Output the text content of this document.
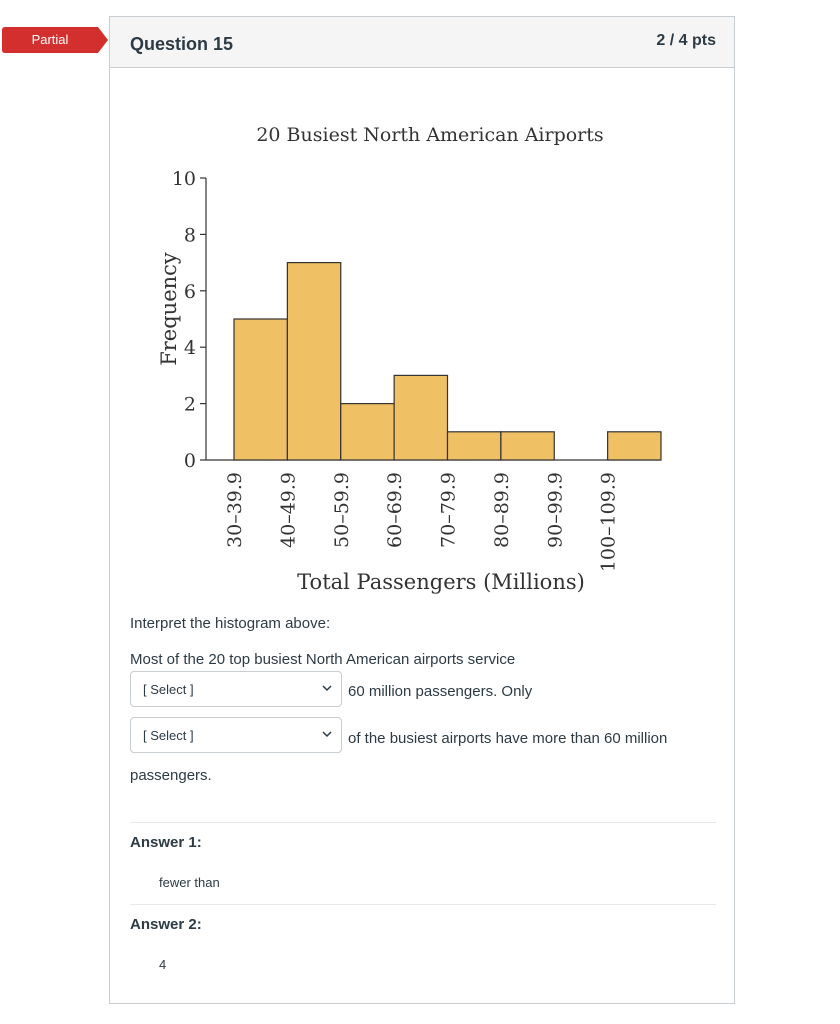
Partial	Question 15	2 / 4 pts
20 Busiest North American Airports
Frequency
Total Passengers (Millions)
0
2
4
6
8
10
30–39.9 40–49.9 50–59.9 60–69.9 70–79.9 80–89.9 90–99.9 100–109.9
Interpret the histogram above:
Most of the 20 top busiest North American airports service
[ Select ]	60 million passengers. Only
[ Select ]	of the busiest airports have more than 60 million
passengers.
Answer 1:
fewer than
Answer 2:
4
